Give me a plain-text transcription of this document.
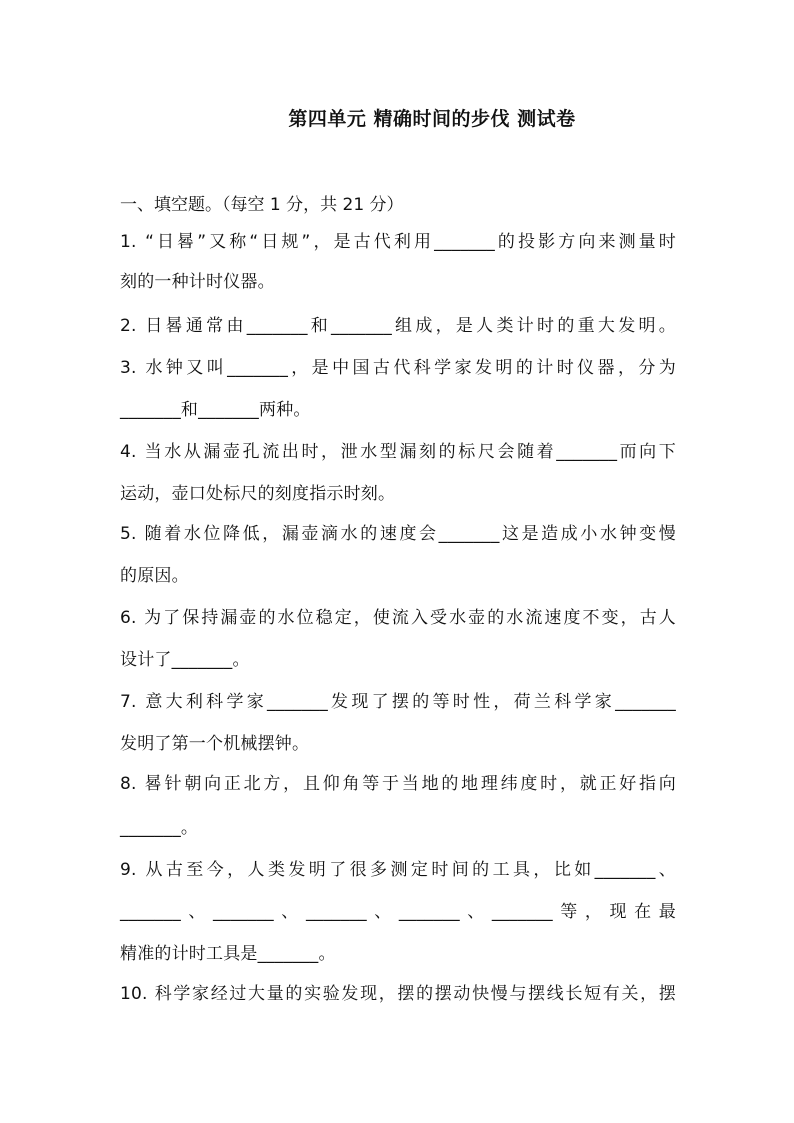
第四单元 精确时间的步伐 测试卷
一、填空题。（每空 1 分，共 21 分）
1. “日晷”又称“日规”，是古代利用_______的投影方向来测量时
刻的一种计时仪器。
2. 日晷通常由_______和_______组成，是人类计时的重大发明。
3. 水钟又叫_______，是中国古代科学家发明的计时仪器，分为
_______和_______两种。
4. 当水从漏壶孔流出时，泄水型漏刻的标尺会随着_______而向下
运动，壶口处标尺的刻度指示时刻。
5. 随着水位降低，漏壶滴水的速度会_______这是造成小水钟变慢
的原因。
6. 为了保持漏壶的水位稳定，使流入受水壶的水流速度不变，古人
设计了_______。
7. 意大利科学家_______发现了摆的等时性，荷兰科学家_______
发明了第一个机械摆钟。
8. 晷针朝向正北方，且仰角等于当地的地理纬度时，就正好指向
_______。
9. 从古至今，人类发明了很多测定时间的工具，比如_______、
_______、_______、_______、_______、_______等，现在最
精准的计时工具是_______。
10. 科学家经过大量的实验发现，摆的摆动快慢与摆线长短有关，摆
